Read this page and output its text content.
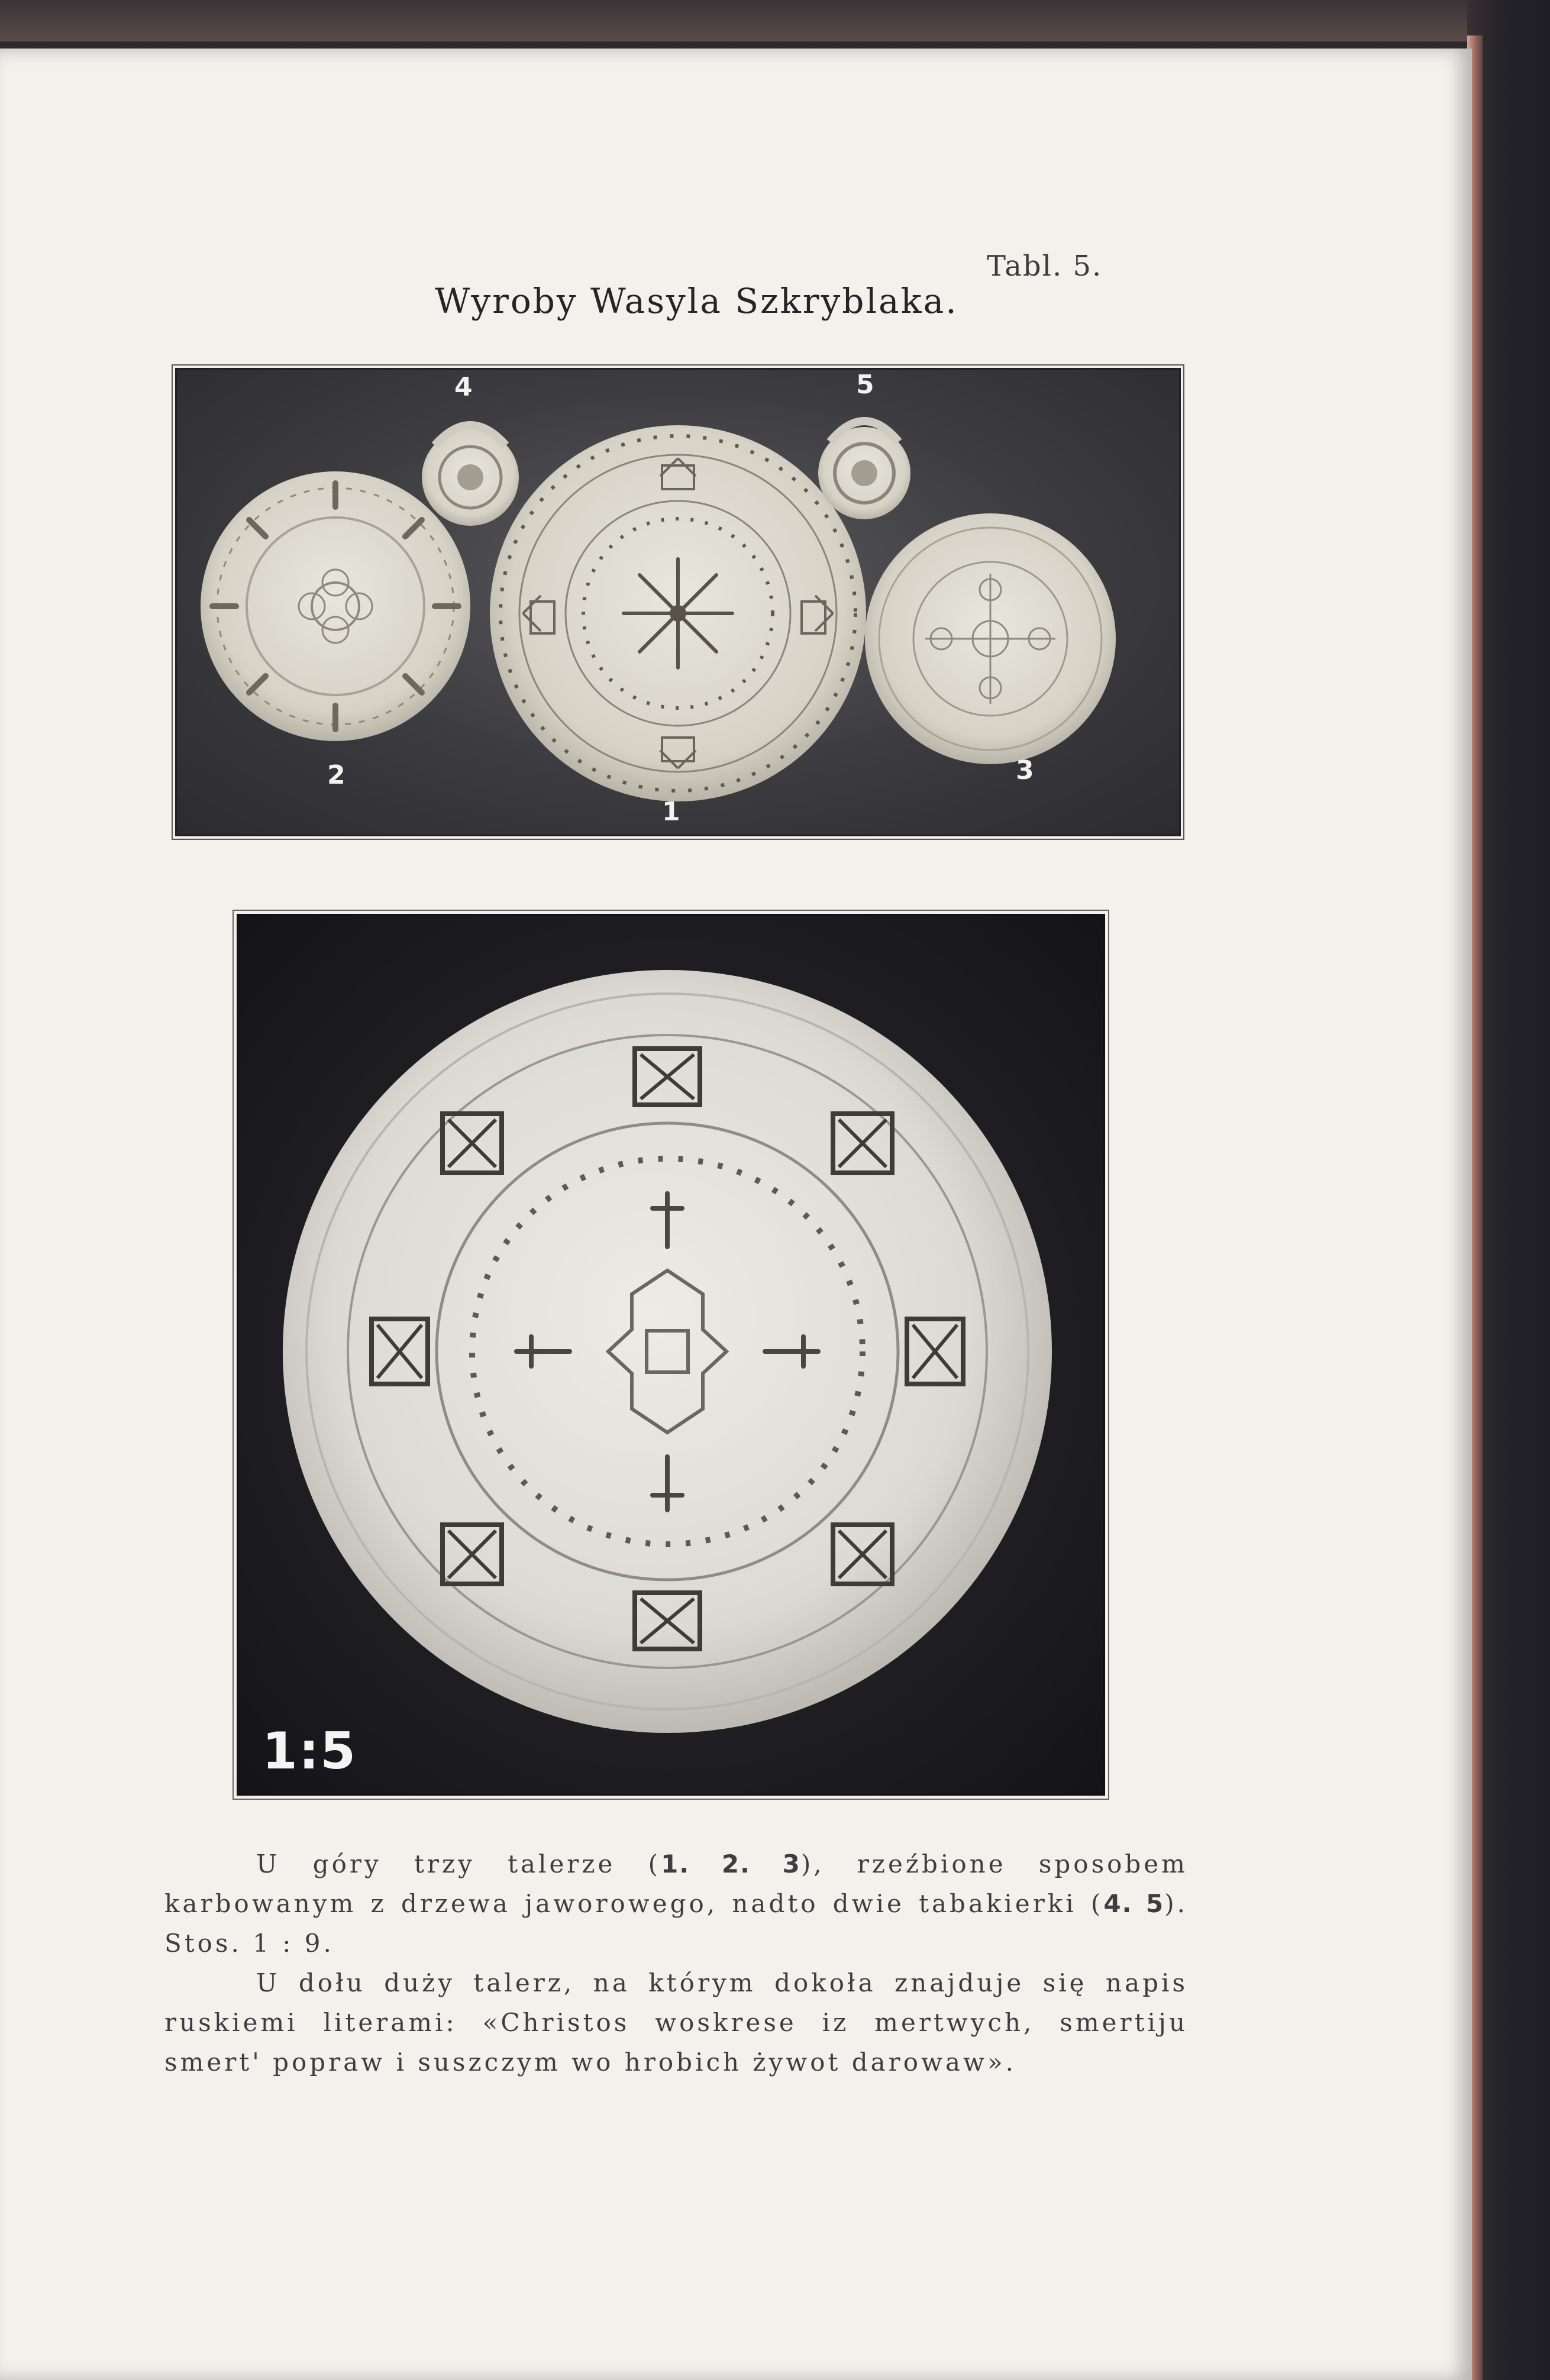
Tabl. 5.
Wyroby Wasyla Szkryblaka.
4	5
2	3
1
1:5

U góry trzy talerze (1. 2. 3), rzeźbione sposobem karbowanym z drzewa jaworowego, nadto dwie tabakierki (4. 5). Stos. 1 : 9.

U dołu duży talerz, na którym dokoła znajduje się napis ruskiemi literami: «Christos woskrese iz mertwych, smertiju smert' popraw i suszczym wo hrobich żywot darowaw».
